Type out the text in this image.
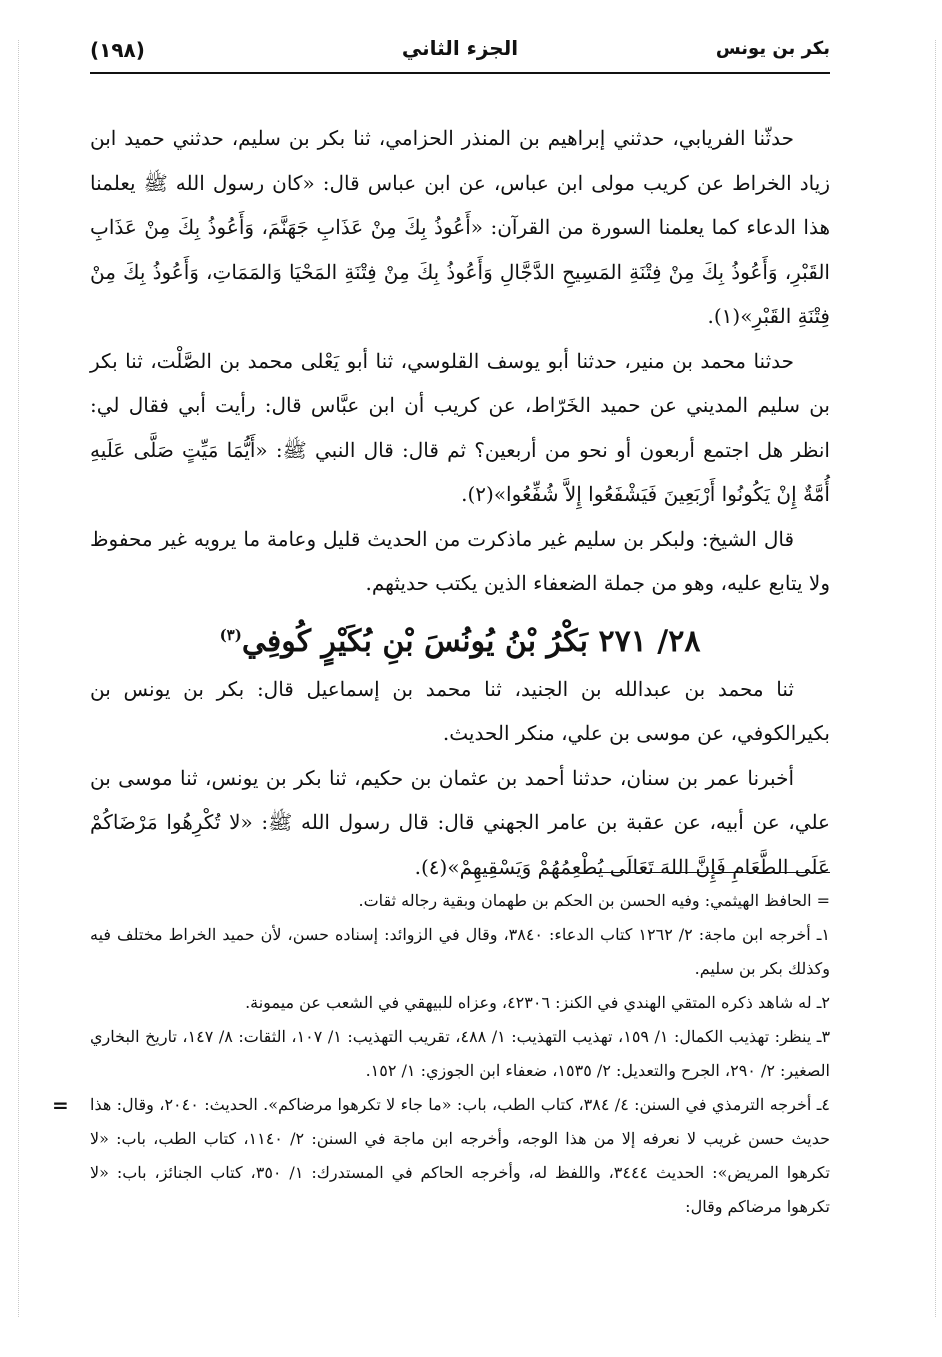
بكر بن يونس
الجزء الثاني
(١٩٨)

حدثّنا الفريابي، حدثني إبراهيم بن المنذر الحزامي، ثنا بكر بن سليم، حدثني حميد ابن زياد الخراط عن كريب مولى ابن عباس، عن ابن عباس قال: «كان رسول الله ﷺ يعلمنا هذا الدعاء كما يعلمنا السورة من القرآن: «أَعُوذُ بِكَ مِنْ عَذَابِ جَهَنَّمَ، وَأَعُوذُ بِكَ مِنْ عَذَابِ القَبْرِ، وَأَعُوذُ بِكَ مِنْ فِتْنَةِ المَسِيحِ الدَّجَّالِ وَأَعُوذُ بِكَ مِنْ فِتْنَةِ المَحْيَا وَالمَمَاتِ، وَأَعُوذُ بِكَ مِنْ فِتْنَةِ القَبْرِ»(١).

حدثنا محمد بن منير، حدثنا أبو يوسف القلوسي، ثنا أبو يَعْلى محمد بن الصَّلْت، ثنا بكر بن سليم المديني عن حميد الخَرّاط، عن كريب أن ابن عبَّاس قال: رأيت أبي فقال لي: انظر هل اجتمع أربعون أو نحو من أربعين؟ ثم قال: قال النبي ﷺ: «أَيُّمَا مَيِّتٍ صَلَّى عَلَيهِ أُمَّةٌ إِنْ يَكُونُوا أَرْبَعِينَ فَيَشْفَعُوا إِلاَّ شُفِّعُوا»(٢).

قال الشيخ: ولبكر بن سليم غير ماذكرت من الحديث قليل وعامة ما يرويه غير محفوظ ولا يتابع عليه، وهو من جملة الضعفاء الذين يكتب حديثهم.

٢٨/ ٢٧١ بَكْرُ بْنُ يُونُسَ بْنِ بُكَيْرٍ كُوفِي$^{(٣)}$

ثنا محمد بن عبدالله بن الجنيد، ثنا محمد بن إسماعيل قال: بكر بن يونس بن بكيرالكوفي، عن موسى بن علي، منكر الحديث.

أخبرنا عمر بن سنان، حدثنا أحمد بن عثمان بن حكيم، ثنا بكر بن يونس، ثنا موسى بن علي، عن أبيه، عن عقبة بن عامر الجهني قال: قال رسول الله ﷺ: «لا تُكْرِهُوا مَرْضَاكُمْ عَلَى الطَّعَامِ فَإِنَّ اللهَ تَعَالَى يُطْعِمُهُمْ وَيَسْقِيهِمْ»(٤).

= الحافظ الهيثمي: وفيه الحسن بن الحكم بن طهمان وبقية رجاله ثقات.

١ـ أخرجه ابن ماجة: ٢/ ١٢٦٢ كتاب الدعاء: ٣٨٤٠، وقال في الزوائد: إسناده حسن، لأن حميد الخراط مختلف فيه وكذلك بكر بن سليم.

٢ـ له شاهد ذكره المتقي الهندي في الكنز: ٤٢٣٠٦، وعزاه للبيهقي في الشعب عن ميمونة.

٣ـ ينظر: تهذيب الكمال: ١/ ١٥٩، تهذيب التهذيب: ١/ ٤٨٨، تقريب التهذيب: ١/ ١٠٧، الثقات: ٨/ ١٤٧، تاريخ البخاري الصغير: ٢/ ٢٩٠، الجرح والتعديل: ٢/ ١٥٣٥، ضعفاء ابن الجوزي: ١/ ١٥٢.

٤ـ أخرجه الترمذي في السنن: ٤/ ٣٨٤، كتاب الطب، باب: «ما جاء لا تكرهوا مرضاكم». الحديث: ٢٠٤٠، وقال: هذا حديث حسن غريب لا نعرفه إلا من هذا الوجه، وأخرجه ابن ماجة في السنن: ٢/ ١١٤٠، كتاب الطب، باب: «لا تكرهوا المريض»: الحديث ٣٤٤٤، واللفظ له، وأخرجه الحاكم في المستدرك: ١/ ٣٥٠، كتاب الجنائز، باب: «لا تكرهوا مرضاكم وقال:
=
